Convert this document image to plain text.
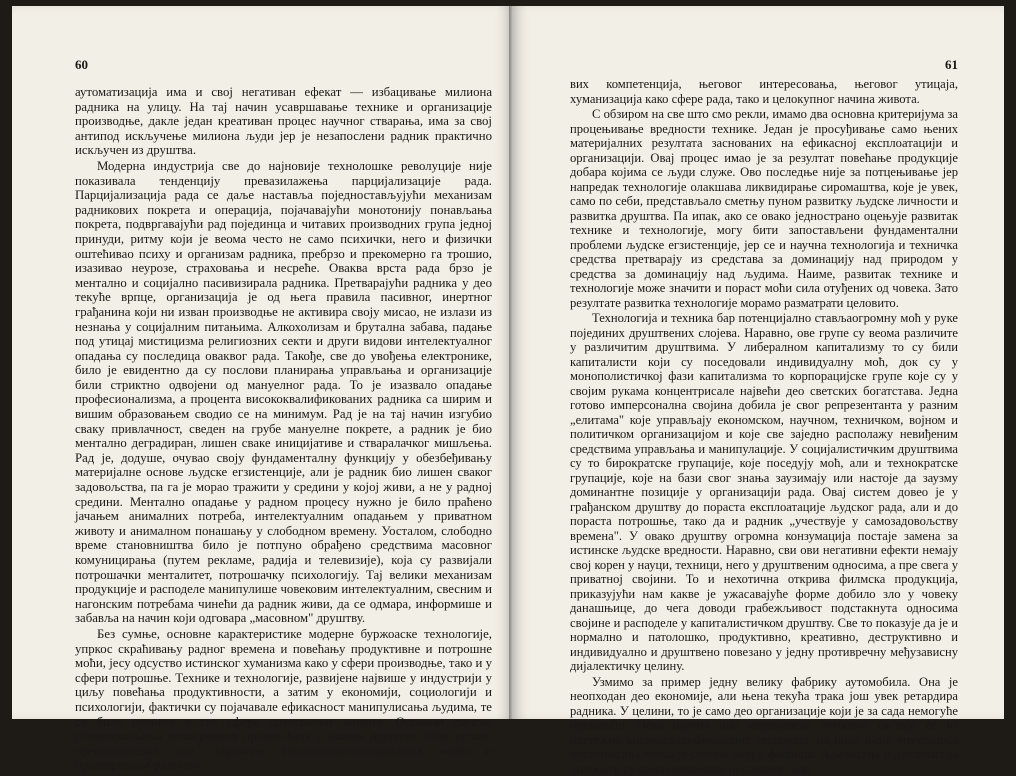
60

аутоматизација има и свој негативан ефекат — избацивање милиона радника на улицу. На тај начин усавршавање технике и организације производње, дакле један креативан процес научног стварања, има за свој антипод искључење милиона људи јер је незапослени радник практично искључен из друштва.

Модерна индустрија све до најновије технолошке револуције није показивала тенденцију превазилажења парцијализације рада. Парцијализација рада се даље наставља поједностављујући механизам радникових покрета и операција, појачавајући монотонију понављања покрета, подвргавајући рад појединца и читавих производних група једној принуди, ритму који је веома често не само психички, него и физички оштећивао психу и организам радника, пребрзо и прекомерно га трошио, изазивао неурозе, страховања и несреће. Оваква врста рада брзо је ментално и социјално пасивизирала радника. Претварајући радника у део текуће врпце, организација је од њега правила пасивног, инертног грађанина који ни изван производње не активира своју мисао, не излази из незнања у социјалним питањима. Алкохолизам и брутална забава, падање под утицај мистицизма религиозних секти и други видови интелектуалног опадања су последица оваквог рада. Такође, све до увођења електронике, било је евидентно да су послови планирања управљања и организације били стриктно одвојени од мануелног рада. То је изазвало опадање професионализма, а процента висококвалификованих радника са ширим и вишим образовањем сводио се на минимум. Рад је на тај начин изгубио сваку привлачност, сведен на грубе мануелне покрете, а радник је био ментално деградиран, лишен сваке иницијативе и стваралачког мишљења. Рад је, додуше, очувао своју фундаменталну функцију у обезбеђивању материјалне основе људске егзистенције, али је радник био лишен сваког задовољства, па га је морао тражити у средини у којој живи, а не у радној средини. Ментално опадање у радном процесу нужно је било праћено јачањем анималних потреба, интелектуалним опадањем у приватном животу и анималном понашању у слободном времену. Уосталом, слободно време становништва било је потпуно обрађено средствима масовног комуницирања (путем рекламе, радија и телевизије), која су развијали потрошачки менталитет, потрошачку психологију. Тај велики механизам продукције и расподеле манипулише човековим интелектуалним, свесним и нагонским потребама чинећи да радник живи, да се одмара, информише и забавља на начин који одговара „масовном" друштву.

Без сумње, основне карактеристике модерне буржоаске технологије, упркос скраћивању радног времена и повећању продуктивне и потрошне моћи, јесу одсуство истинског хуманизма како у сфери производње, тако и у сфери потрошње. Технике и технологије, развијене највише у индустрији у циљу повећања продуктивности, а затим у економији, социологији и психологији, фактички су појачавале ефикасност манипулисања људима, те су биле пренете у све сфере друштвеног живота. Основни смисао самоуправљања непосредних произвођача у нашем друштву јесте управо превазилажење ове пирамиде технолошко-технократске моћи и проширивање раднико-

61

вих компетенција, његовог интересовања, његовог утицаја, хуманизација како сфере рада, тако и целокупног начина живота.

С обзиром на све што смо рекли, имамо два основна критеријума за процењивање вредности технике. Један је просуђивање само њених материјалних резултата заснованих на ефикасној експлоатацији и организацији. Овај процес имао је за резултат повећање продукције добара којима се људи служе. Ово последње није за потцењивање јер напредак технологије олакшава ликвидирање сиромаштва, које је увек, само по себи, представљало сметњу пуном развитку људске личности и развитка друштва. Па ипак, ако се овако једнострано оцењује развитак технике и технологије, могу бити запостављени фундаментални проблеми људске егзистенције, јер се и научна технологија и техничка средства претварају из средстава за доминацију над природом у средства за доминацију над људима. Наиме, развитак технике и технологије може значити и пораст моћи сила отуђених од човека. Зато резултате развитка технологије морамо разматрати целовито.

Технологија и техника бар потенцијално стављаогромну моћ у руке појединих друштвених слојева. Наравно, ове групе су веома различите у различитим друштвима. У либералном капитализму то су били капиталисти који су поседовали индивидуалну моћ, док су у монополистичкој фази капитализма то корпорацијске групе које су у својим рукама концентрисале највећи део светских богатстава. Једна готово имперсонална својина добила је свог репрезентанта у разним „елитама" које управљају економском, научном, техничком, војном и политичком организацијом и које све заједно располажу невиђеним средствима управљања и манипулације. У социјалистичким друштвима су то бирократске групације, које поседују моћ, али и технократске групације, које на бази свог знања заузимају или настоје да заузму доминантне позиције у организацији рада. Овај систем довео је у грађанском друштву до пораста експлоатације људског рада, али и до пораста потрошње, тако да и радник „учествује у самозадовољству времена". У овако друштву огромна конзумација постаје замена за истинске људске вредности. Наравно, сви ови негативни ефекти немају свој корен у науци, техници, него у друштвеним односима, а пре свега у приватној својини. То и нехотична открива филмска продукција, приказујући нам какве је ужасавајуће форме добило зло у човеку данашњице, до чега доводи грабежљивост подстакнута односима својине и расподеле у капиталистичком друштву. Све то показује да је и нормално и патолошко, продуктивно, креативно, деструктивно и индивидуално и друштвено повезано у једну противречну међузависну дијалектичку целину.

Узмимо за пример једну велику фабрику аутомобила. Она је неопходан део економије, али њена текућа трака још увек ретардира радника. У целини, то је само део организације који је за сада немогуће превазићи. Нека научна или медицинска установа састоји се из претежно висококвалификованих експерата, па ипак њена унутрашња организација веома је слична оној у фабрици. Аљенација и дуализација личности су само неминовне последице, али
